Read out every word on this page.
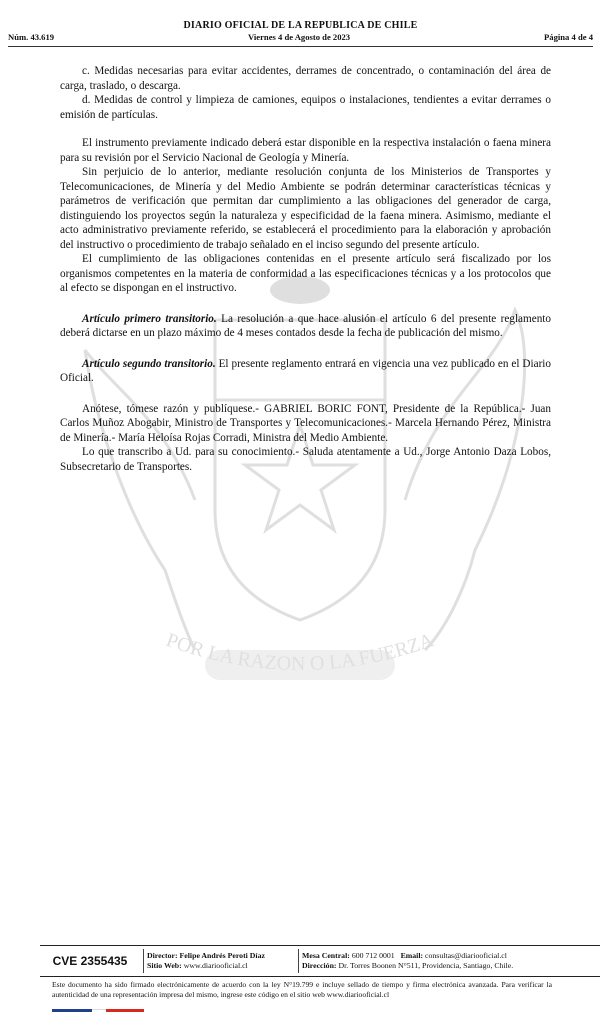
DIARIO OFICIAL DE LA REPUBLICA DE CHILE
Núm. 43.619	Viernes 4 de Agosto de 2023	Página 4 de 4
POR LA RAZON O LA FUERZA

c. Medidas necesarias para evitar accidentes, derrames de concentrado, o contaminación del área de carga, traslado, o descarga.

d. Medidas de control y limpieza de camiones, equipos o instalaciones, tendientes a evitar derrames o emisión de partículas.

El instrumento previamente indicado deberá estar disponible en la respectiva instalación o faena minera para su revisión por el Servicio Nacional de Geología y Minería.

Sin perjuicio de lo anterior, mediante resolución conjunta de los Ministerios de Transportes y Telecomunicaciones, de Minería y del Medio Ambiente se podrán determinar características técnicas y parámetros de verificación que permitan dar cumplimiento a las obligaciones del generador de carga, distinguiendo los proyectos según la naturaleza y especificidad de la faena minera. Asimismo, mediante el acto administrativo previamente referido, se establecerá el procedimiento para la elaboración y aprobación del instructivo o procedimiento de trabajo señalado en el inciso segundo del presente artículo.

El cumplimiento de las obligaciones contenidas en el presente artículo será fiscalizado por los organismos competentes en la materia de conformidad a las especificaciones técnicas y a los protocolos que al efecto se dispongan en el instructivo.

Artículo primero transitorio. La resolución a que hace alusión el artículo 6 del presente reglamento deberá dictarse en un plazo máximo de 4 meses contados desde la fecha de publicación del mismo.

Artículo segundo transitorio. El presente reglamento entrará en vigencia una vez publicado en el Diario Oficial.

Anótese, tómese razón y publíquese.- GABRIEL BORIC FONT, Presidente de la República.- Juan Carlos Muñoz Abogabir, Ministro de Transportes y Telecomunicaciones.- Marcela Hernando Pérez, Ministra de Minería.- María Heloísa Rojas Corradi, Ministra del Medio Ambiente.

Lo que transcribo a Ud. para su conocimiento.- Saluda atentamente a Ud., Jorge Antonio Daza Lobos, Subsecretario de Transportes.

CVE 2355435	Director: Felipe Andrés Peroti Díaz
Sitio Web: www.diariooficial.cl
Mesa Central: 600 712 0001 Email: consultas@diariooficial.cl
Dirección: Dr. Torres Boonen N°511, Providencia, Santiago, Chile.
Este documento ha sido firmado electrónicamente de acuerdo con la ley N°19.799 e incluye sellado de tiempo y firma electrónica avanzada. Para verificar la autenticidad de una representación impresa del mismo, ingrese este código en el sitio web www.diariooficial.cl
